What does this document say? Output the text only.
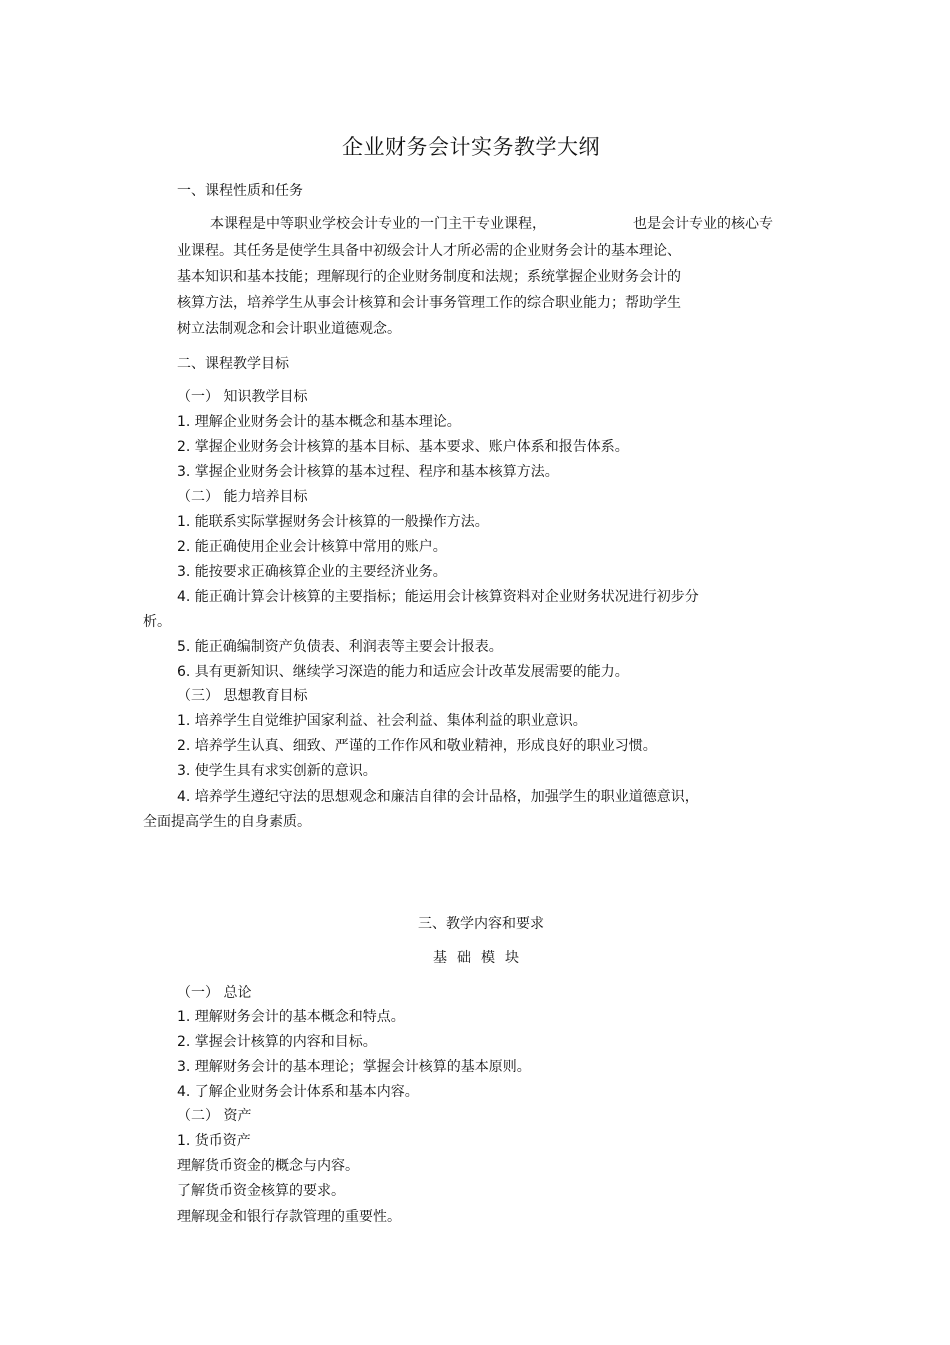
企业财务会计实务教学大纲

一、课程性质和任务

本课程是中等职业学校会计专业的一门主干专业课程，	也是会计专业的核心专

业课程。其任务是使学生具备中初级会计人才所必需的企业财务会计的基本理论、

基本知识和基本技能；理解现行的企业财务制度和法规；系统掌握企业财务会计的

核算方法，培养学生从事会计核算和会计事务管理工作的综合职业能力；帮助学生

树立法制观念和会计职业道德观念。

二、课程教学目标

（一） 知识教学目标

1. 理解企业财务会计的基本概念和基本理论。

2. 掌握企业财务会计核算的基本目标、基本要求、账户体系和报告体系。

3. 掌握企业财务会计核算的基本过程、程序和基本核算方法。

（二） 能力培养目标

1. 能联系实际掌握财务会计核算的一般操作方法。

2. 能正确使用企业会计核算中常用的账户。

3. 能按要求正确核算企业的主要经济业务。

4. 能正确计算会计核算的主要指标；能运用会计核算资料对企业财务状况进行初步分

析。

5. 能正确编制资产负债表、利润表等主要会计报表。

6. 具有更新知识、继续学习深造的能力和适应会计改革发展需要的能力。

（三） 思想教育目标

1. 培养学生自觉维护国家利益、社会利益、集体利益的职业意识。

2. 培养学生认真、细致、严谨的工作作风和敬业精神，形成良好的职业习惯。

3. 使学生具有求实创新的意识。

4. 培养学生遵纪守法的思想观念和廉洁自律的会计品格，加强学生的职业道德意识，

全面提高学生的自身素质。

三、教学内容和要求

基础模块

（一） 总论

1. 理解财务会计的基本概念和特点。

2. 掌握会计核算的内容和目标。

3. 理解财务会计的基本理论；掌握会计核算的基本原则。

4. 了解企业财务会计体系和基本内容。

（二） 资产

1. 货币资产

理解货币资金的概念与内容。

了解货币资金核算的要求。

理解现金和银行存款管理的重要性。
